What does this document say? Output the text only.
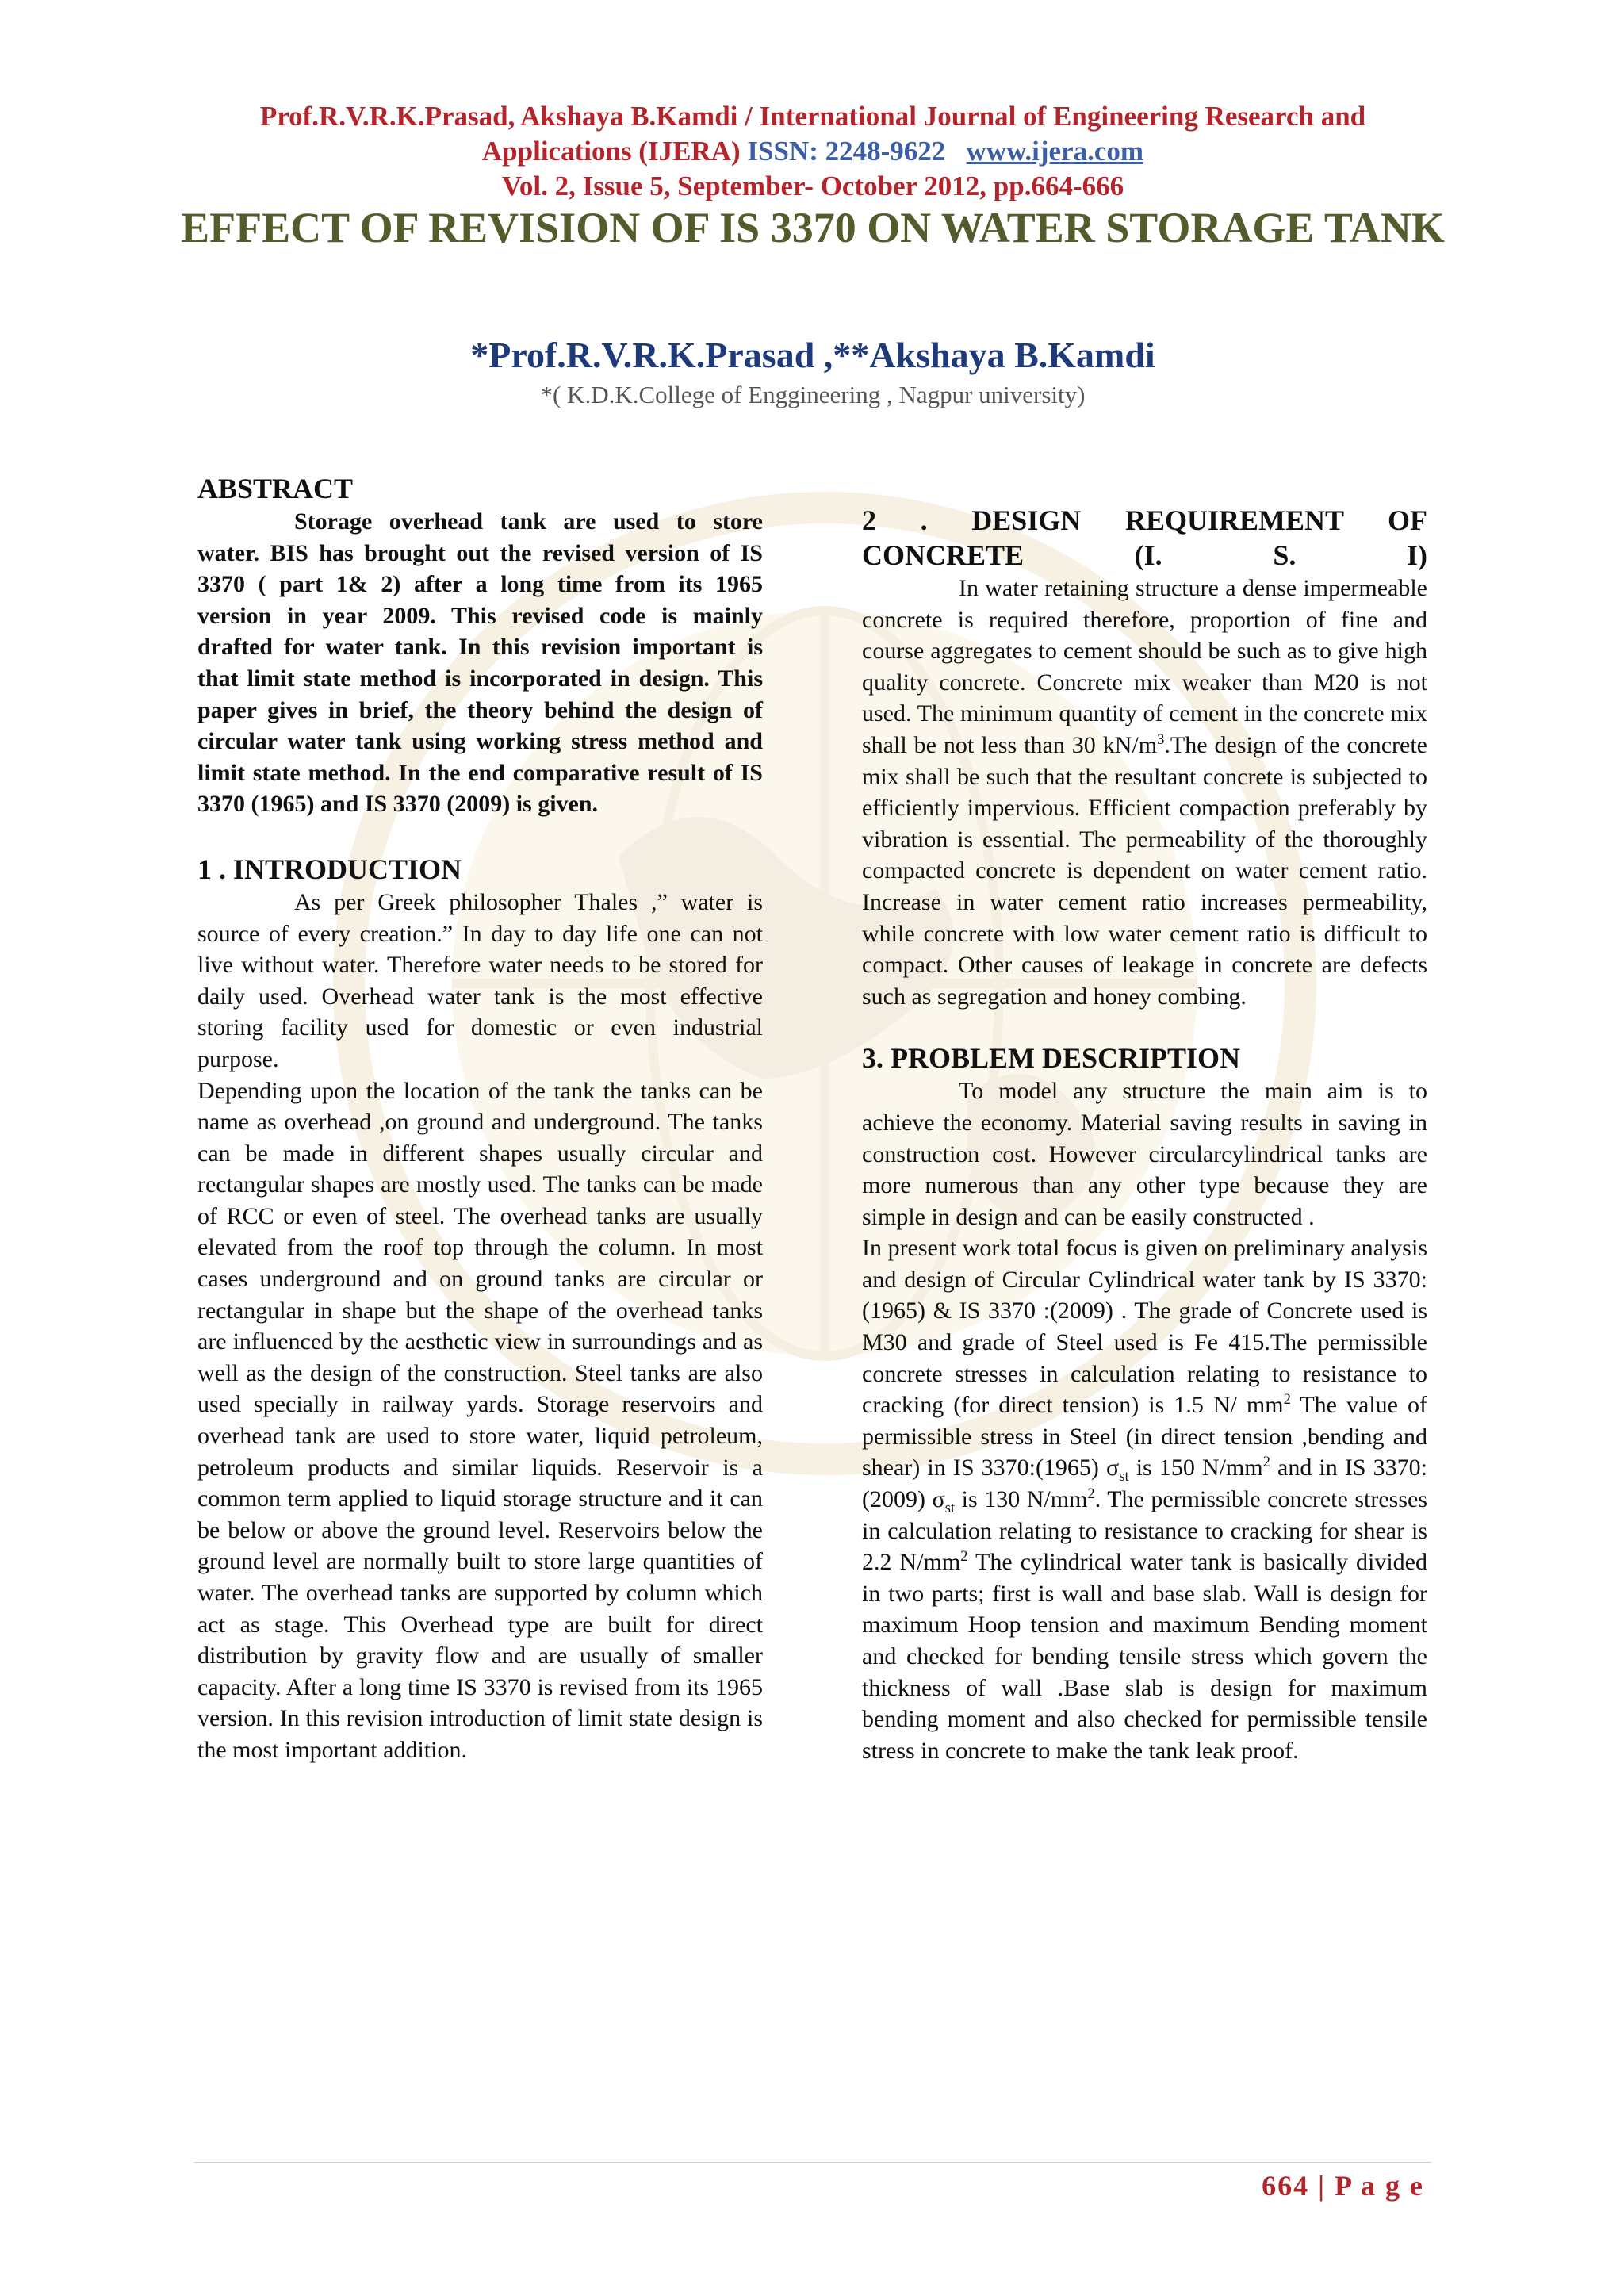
Prof.R.V.R.K.Prasad, Akshaya B.Kamdi / International Journal of Engineering Research and
Applications (IJERA) ISSN: 2248-9622 www.ijera.com
Vol. 2, Issue 5, September- October 2012, pp.664-666
EFFECT OF REVISION OF IS 3370 ON WATER STORAGE TANK
*Prof.R.V.R.K.Prasad ,**Akshaya B.Kamdi
*( K.D.K.College of Enggineering , Nagpur university)
ABSTRACT

Storage overhead tank are used to store water. BIS has brought out the revised version of IS 3370 ( part 1& 2) after a long time from its 1965 version in year 2009. This revised code is mainly drafted for water tank. In this revision important is that limit state method is incorporated in design. This paper gives in brief, the theory behind the design of circular water tank using working stress method and limit state method. In the end comparative result of IS 3370 (1965) and IS 3370 (2009) is given.

1 . INTRODUCTION

As per Greek philosopher Thales ,” water is source of every creation.” In day to day life one can not live without water. Therefore water needs to be stored for daily used. Overhead water tank is the most effective storing facility used for domestic or even industrial purpose.

Depending upon the location of the tank the tanks can be name as overhead ,on ground and underground. The tanks can be made in different shapes usually circular and rectangular shapes are mostly used. The tanks can be made of RCC or even of steel. The overhead tanks are usually elevated from the roof top through the column. In most cases underground and on ground tanks are circular or rectangular in shape but the shape of the overhead tanks are influenced by the aesthetic view in surroundings and as well as the design of the construction. Steel tanks are also used specially in railway yards. Storage reservoirs and overhead tank are used to store water, liquid petroleum, petroleum products and similar liquids. Reservoir is a common term applied to liquid storage structure and it can be below or above the ground level. Reservoirs below the ground level are normally built to store large quantities of water. The overhead tanks are supported by column which act as stage. This Overhead type are built for direct distribution by gravity flow and are usually of smaller capacity. After a long time IS 3370 is revised from its 1965 version. In this revision introduction of limit state design is the most important addition.

2 . DESIGN REQUIREMENT OF CONCRETE (I. S. I)

In water retaining structure a dense impermeable concrete is required therefore, proportion of fine and course aggregates to cement should be such as to give high quality concrete. Concrete mix weaker than M20 is not used. The minimum quantity of cement in the concrete mix shall be not less than 30 $kN/m^3.The$ design of the concrete mix shall be such that the resultant concrete is subjected to efficiently impervious. Efficient compaction preferably by vibration is essential. The permeability of the thoroughly compacted concrete is dependent on water cement ratio. Increase in water cement ratio increases permeability, while concrete with low water cement ratio is difficult to compact. Other causes of leakage in concrete are defects such as segregation and honey combing.

3. PROBLEM DESCRIPTION

To model any structure the main aim is to achieve the economy. Material saving results in saving in construction cost. However circularcylindrical tanks are more numerous than any other type because they are simple in design and can be easily constructed .

In present work total focus is given on preliminary analysis and design of Circular Cylindrical water tank by IS 3370: (1965) & IS 3370 :(2009) . The grade of Concrete used is M30 and grade of Steel used is Fe 415.The permissible concrete stresses in calculation relating to resistance to cracking (for direct tension) is 1.5 N/ $mm^2$ The value of permissible stress in Steel (in direct tension ,bending and shear) in IS 3370:(1965) $\sigma_{st}$ is 150 $N/mm^2$ and in IS 3370:(2009) $\sigma_{st}$ is 130 $N/mm^2$. The permissible concrete stresses in calculation relating to resistance to cracking for shear is 2.2 $N/mm^2$ The cylindrical water tank is basically divided in two parts; first is wall and base slab. Wall is design for maximum Hoop tension and maximum Bending moment and checked for bending tensile stress which govern the thickness of wall .Base slab is design for maximum bending moment and also checked for permissible tensile stress in concrete to make the tank leak proof.

664 | P a g e
